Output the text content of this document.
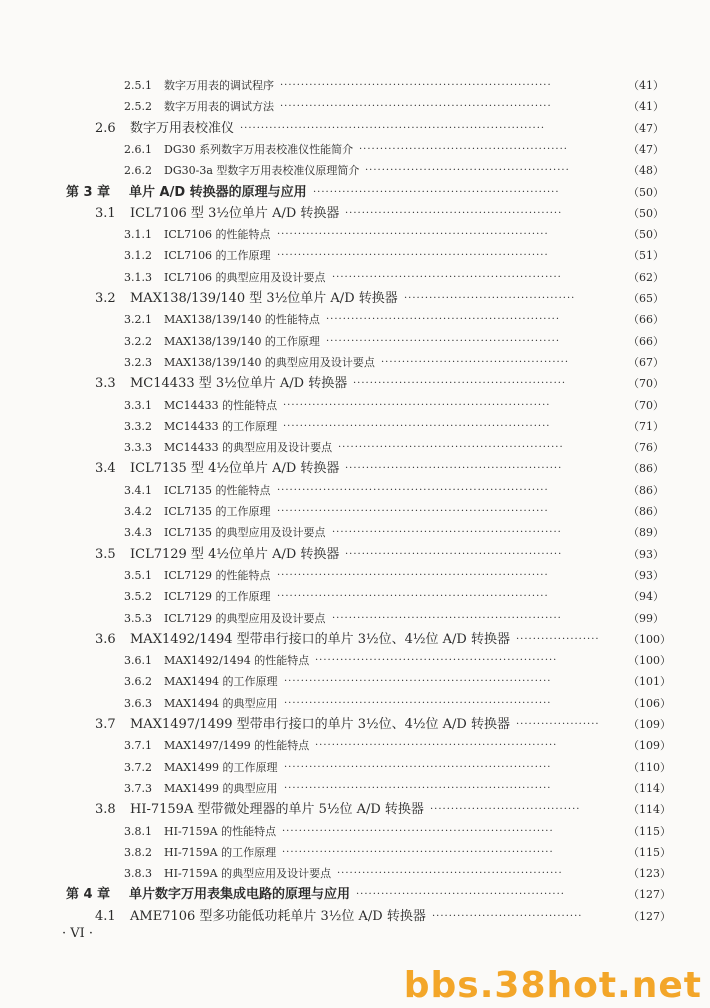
2.5.1 数字万用表的调试程序 ·································································	（41）
2.5.2 数字万用表的调试方法 ·································································	（41）
2.6 数字万用表校准仪 ·········································································	（47）
2.6.1 DG30 系列数字万用表校准仪性能简介 ··················································	（47）
2.6.2 DG30-3a 型数字万用表校准仪原理简介 ·················································	（48）
第 3 章 单片 A/D 转换器的原理与应用 ···························································	（50）
3.1 ICL7106 型 3½位单片 A/D 转换器 ····················································	（50）
3.1.1 ICL7106 的性能特点 ·································································	（50）
3.1.2 ICL7106 的工作原理 ·································································	（51）
3.1.3 ICL7106 的典型应用及设计要点 ·······················································	（62）
3.2 MAX138/139/140 型 3½位单片 A/D 转换器 ·········································	（65）
3.2.1 MAX138/139/140 的性能特点 ························································	（66）
3.2.2 MAX138/139/140 的工作原理 ························································	（66）
3.2.3 MAX138/139/140 的典型应用及设计要点 ·············································	（67）
3.3 MC14433 型 3½位单片 A/D 转换器 ···················································	（70）
3.3.1 MC14433 的性能特点 ································································	（70）
3.3.2 MC14433 的工作原理 ································································	（71）
3.3.3 MC14433 的典型应用及设计要点 ······················································	（76）
3.4 ICL7135 型 4½位单片 A/D 转换器 ····················································	（86）
3.4.1 ICL7135 的性能特点 ·································································	（86）
3.4.2 ICL7135 的工作原理 ·································································	（86）
3.4.3 ICL7135 的典型应用及设计要点 ·······················································	（89）
3.5 ICL7129 型 4½位单片 A/D 转换器 ····················································	（93）
3.5.1 ICL7129 的性能特点 ·································································	（93）
3.5.2 ICL7129 的工作原理 ·································································	（94）
3.5.3 ICL7129 的典型应用及设计要点 ·······················································	（99）
3.6 MAX1492/1494 型带串行接口的单片 3½位、4½位 A/D 转换器 ····················	（100）
3.6.1 MAX1492/1494 的性能特点 ··························································	（100）
3.6.2 MAX1494 的工作原理 ································································	（101）
3.6.3 MAX1494 的典型应用 ································································	（106）
3.7 MAX1497/1499 型带串行接口的单片 3½位、4½位 A/D 转换器 ····················	（109）
3.7.1 MAX1497/1499 的性能特点 ··························································	（109）
3.7.2 MAX1499 的工作原理 ································································	（110）
3.7.3 MAX1499 的典型应用 ································································	（114）
3.8 HI-7159A 型带微处理器的单片 5½位 A/D 转换器 ····································	（114）
3.8.1 HI-7159A 的性能特点 ·································································	（115）
3.8.2 HI-7159A 的工作原理 ·································································	（115）
3.8.3 HI-7159A 的典型应用及设计要点 ······················································	（123）
第 4 章 单片数字万用表集成电路的原理与应用 ··················································	（127）
4.1 AME7106 型多功能低功耗单片 3½位 A/D 转换器 ····································	（127）
· VI ·
bbs.38hot.net
